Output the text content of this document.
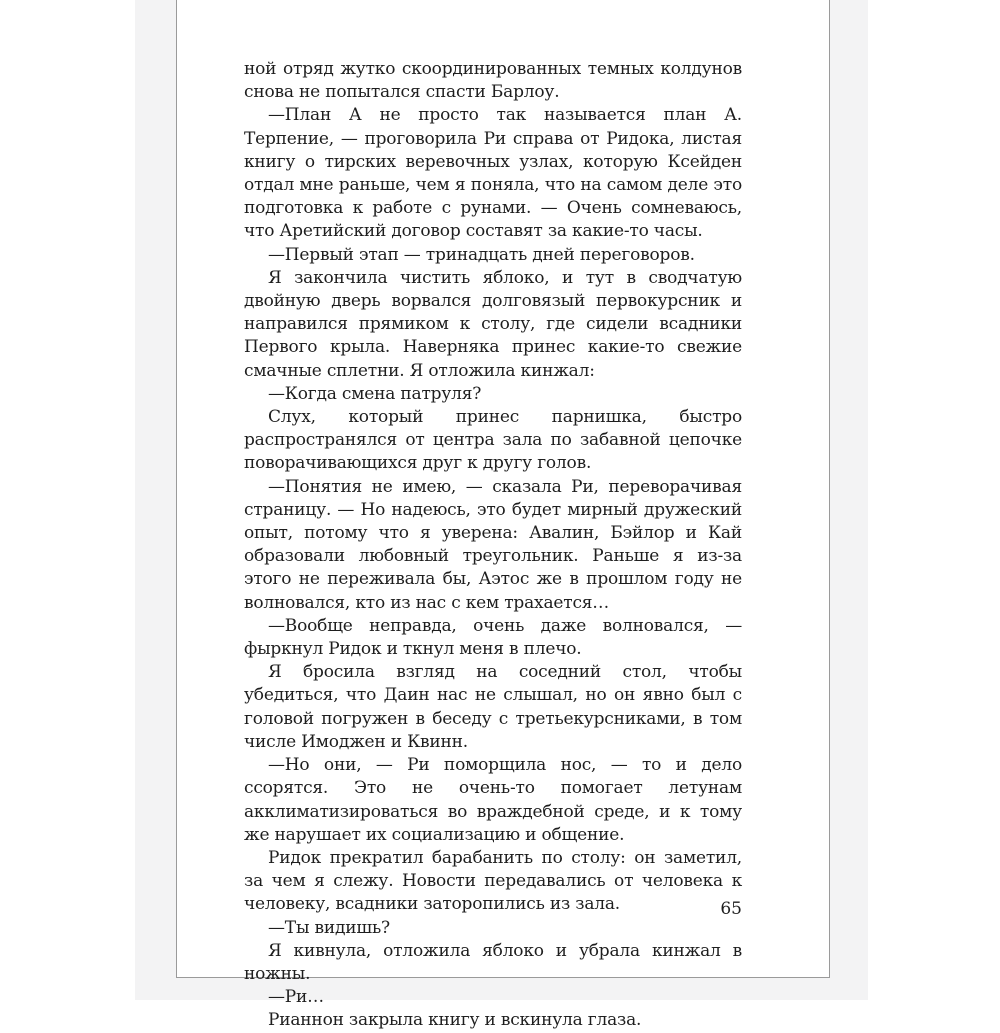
ной отряд жутко скоординированных темных колдунов снова не попытался спасти Барлоу.

—План А не просто так называется план А. Терпение, — проговорила Ри справа от Ридока, листая книгу о тирских веревочных узлах, которую Ксейден отдал мне раньше, чем я поняла, что на самом деле это подготовка к работе с рунами. — Очень сомневаюсь, что Аретийский договор составят за какие-то часы.

—Первый этап — тринадцать дней переговоров.

Я закончила чистить яблоко, и тут в сводчатую двойную дверь ворвался долговязый первокурсник и направился прямиком к столу, где сидели всадники Первого крыла. Наверняка принес какие-то свежие смачные сплетни. Я отложила кинжал:

—Когда смена патруля?

Слух, который принес парнишка, быстро распространялся от центра зала по забавной цепочке поворачивающихся друг к другу голов.

—Понятия не имею, — сказала Ри, переворачивая страницу. — Но надеюсь, это будет мирный дружеский опыт, потому что я уверена: Авалин, Бэйлор и Кай образовали любовный треугольник. Раньше я из-за этого не переживала бы, Аэтос же в прошлом году не волновался, кто из нас с кем трахается…

—Вообще неправда, очень даже волновался, — фыркнул Ридок и ткнул меня в плечо.

Я бросила взгляд на соседний стол, чтобы убедиться, что Даин нас не слышал, но он явно был с головой погружен в беседу с третьекурсниками, в том числе Имоджен и Квинн.

—Но они, — Ри поморщила нос, — то и дело ссорятся. Это не очень-то помогает летунам акклиматизироваться во враждебной среде, и к тому же нарушает их социализацию и общение.

Ридок прекратил барабанить по столу: он заметил, за чем я слежу. Новости передавались от человека к человеку, всадники заторопились из зала.

—Ты видишь?

Я кивнула, отложила яблоко и убрала кинжал в ножны.

—Ри…

Рианнон закрыла книгу и вскинула глаза.

65
